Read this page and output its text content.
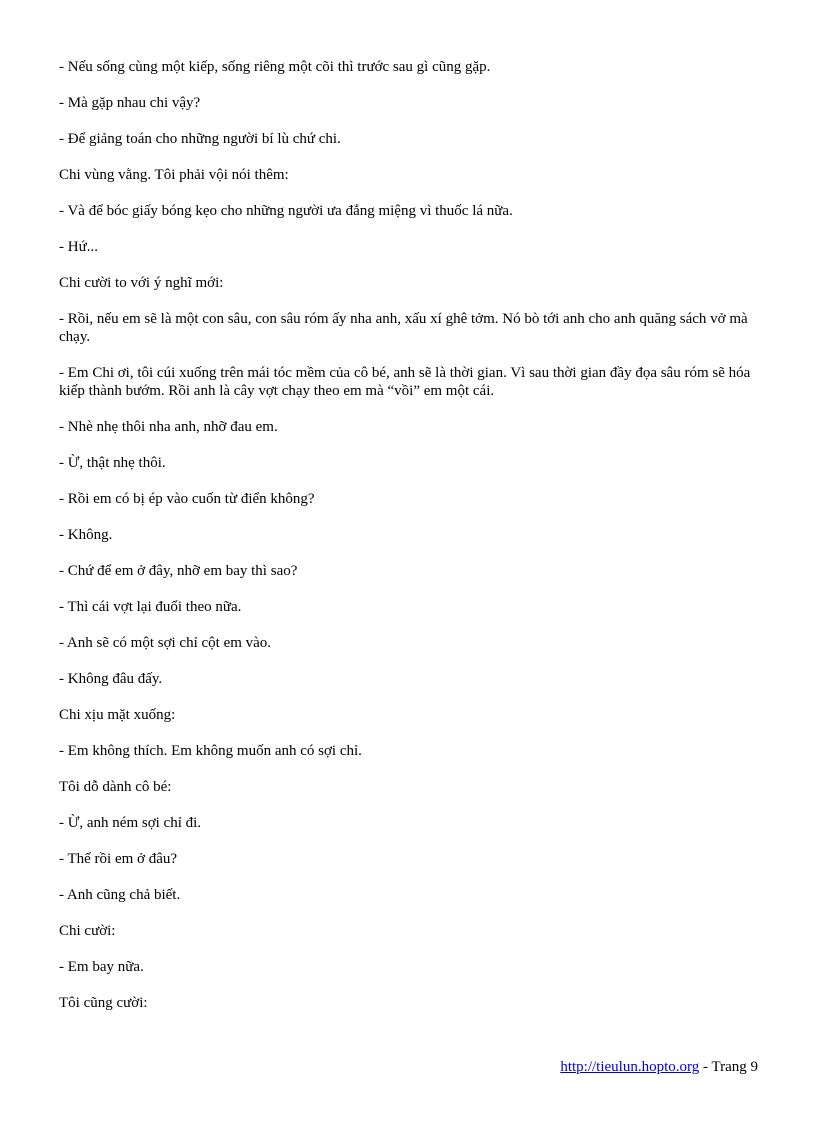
- Nếu sống cùng một kiếp, sống riêng một cõi thì trước sau gì cũng gặp.

- Mà gặp nhau chi vậy?

- Để giảng toán cho những người bí lù chứ chi.

Chi vùng vằng. Tôi phải vội nói thêm:

- Và để bóc giấy bóng kẹo cho những người ưa đắng miệng vì thuốc lá nữa.

- Hứ...

Chi cười to với ý nghĩ mới:

- Rồi, nếu em sẽ là một con sâu, con sâu róm ấy nha anh, xấu xí ghê tởm. Nó bò tới anh cho anh quăng sách vở mà chạy.

- Em Chi ơi, tôi cúi xuống trên mái tóc mềm của cô bé, anh sẽ là thời gian. Vì sau thời gian đầy đọa sâu róm sẽ hóa kiếp thành bướm. Rồi anh là cây vợt chạy theo em mà “vồi” em một cái.

- Nhè nhẹ thôi nha anh, nhỡ đau em.

- Ừ, thật nhẹ thôi.

- Rồi em có bị ép vào cuốn từ điển không?

- Không.

- Chứ để em ở đây, nhỡ em bay thì sao?

- Thì cái vợt lại đuổi theo nữa.

- Anh sẽ có một sợi chỉ cột em vào.

- Không đâu đấy.

Chi xịu mặt xuống:

- Em không thích. Em không muốn anh có sợi chỉ.

Tôi dỗ dành cô bé:

- Ừ, anh ném sợi chỉ đi.

- Thế rồi em ở đâu?

- Anh cũng chả biết.

Chi cười:

- Em bay nữa.

Tôi cũng cười:

http://tieulun.hopto.org - Trang 9
